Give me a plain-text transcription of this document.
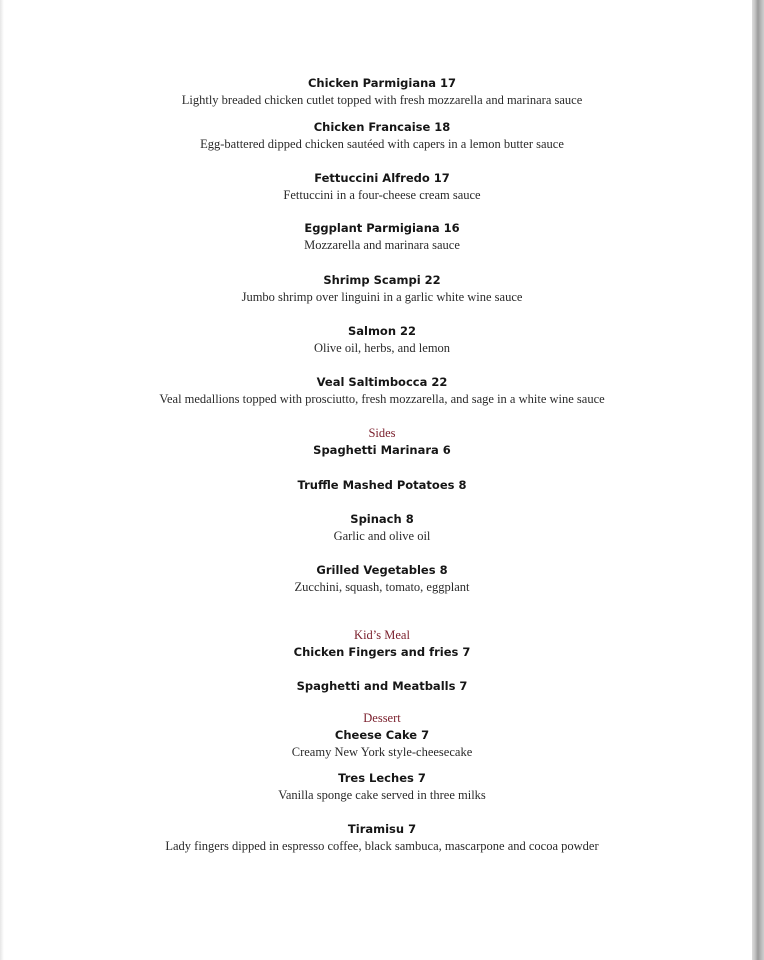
Chicken Parmigiana 17
Lightly breaded chicken cutlet topped with fresh mozzarella and marinara sauce
Chicken Francaise 18
Egg-battered dipped chicken sautéed with capers in a lemon butter sauce
Fettuccini Alfredo 17
Fettuccini in a four-cheese cream sauce
Eggplant Parmigiana 16
Mozzarella and marinara sauce
Shrimp Scampi 22
Jumbo shrimp over linguini in a garlic white wine sauce
Salmon 22
Olive oil, herbs, and lemon
Veal Saltimbocca 22
Veal medallions topped with prosciutto, fresh mozzarella, and sage in a white wine sauce
Sides
Spaghetti Marinara 6
Truffle Mashed Potatoes 8
Spinach 8
Garlic and olive oil
Grilled Vegetables 8
Zucchini, squash, tomato, eggplant
Kid’s Meal
Chicken Fingers and fries 7
Spaghetti and Meatballs 7
Dessert
Cheese Cake 7
Creamy New York style-cheesecake
Tres Leches 7
Vanilla sponge cake served in three milks
Tiramisu 7
Lady fingers dipped in espresso coffee, black sambuca, mascarpone and cocoa powder
